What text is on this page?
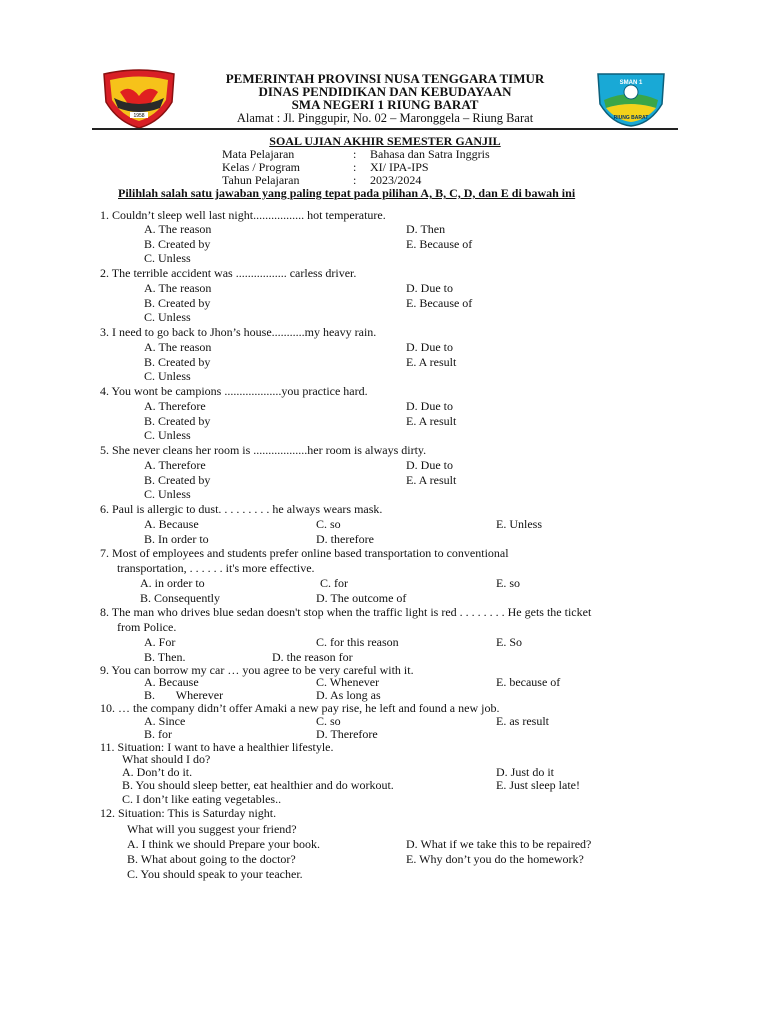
1958
SMAN 1
RIUNG BARAT
PEMERINTAH PROVINSI NUSA TENGGARA TIMUR
DINAS PENDIDIKAN DAN KEBUDAYAAN
SMA NEGERI 1 RIUNG BARAT
Alamat : Jl. Pinggupir, No. 02 – Maronggela – Riung Barat
SOAL UJIAN AKHIR SEMESTER GANJIL
Mata Pelajaran	: Bahasa dan Satra Inggris
Kelas / Program	: XI/ IPA-IPS
Tahun Pelajaran	: 2023/2024
Pilihlah salah satu jawaban yang paling tepat pada pilihan A, B, C, D, dan E di bawah ini
1. Couldn’t sleep well last night................. hot temperature.
A. The reason
B. Created by
C. Unless
D. Then
E. Because of
2. The terrible accident was ................. carless driver.
A. The reason
B. Created by
C. Unless
D. Due to
E. Because of
3. I need to go back to Jhon’s house...........my heavy rain.
A. The reason
B. Created by
C. Unless
D. Due to
E. A result
4. You wont be campions ...................you practice hard.
A. Therefore
B. Created by
C. Unless
D. Due to
E. A result
5. She never cleans her room is ..................her room is always dirty.
A. Therefore
B. Created by
C. Unless
D. Due to
E. A result
6. Paul is allergic to dust. . . . . . . . . he always wears mask.
A. Because
B. In order to
C. so
D. therefore
E. Unless
7. Most of employees and students prefer online based transportation to conventional
transportation, . . . . . . it's more effective.
A. in order to
B. Consequently
C. for
D. The outcome of
E. so
8. The man who drives blue sedan doesn't stop when the traffic light is red . . . . . . . . He gets the ticket
from Police.
A. For
B. Then.
C. for this reason
D. the reason for
E. So
9. You can borrow my car … you agree to be very careful with it.
A. Because
B.       Wherever
C. Whenever
D. As long as
E. because of
10. … the company didn’t offer Amaki a new pay rise, he left and found a new job.
A. Since
B. for
C. so
D. Therefore
E. as result
11. Situation: I want to have a healthier lifestyle.
What should I do?
A. Don’t do it.
B. You should sleep better, eat healthier and do workout.
C. I don’t like eating vegetables..
D. Just do it
E. Just sleep late!
12. Situation: This is Saturday night.
What will you suggest your friend?
A. I think we should Prepare your book.
B. What about going to the doctor?
C. You should speak to your teacher.
D. What if we take this to be repaired?
E. Why don’t you do the homework?
